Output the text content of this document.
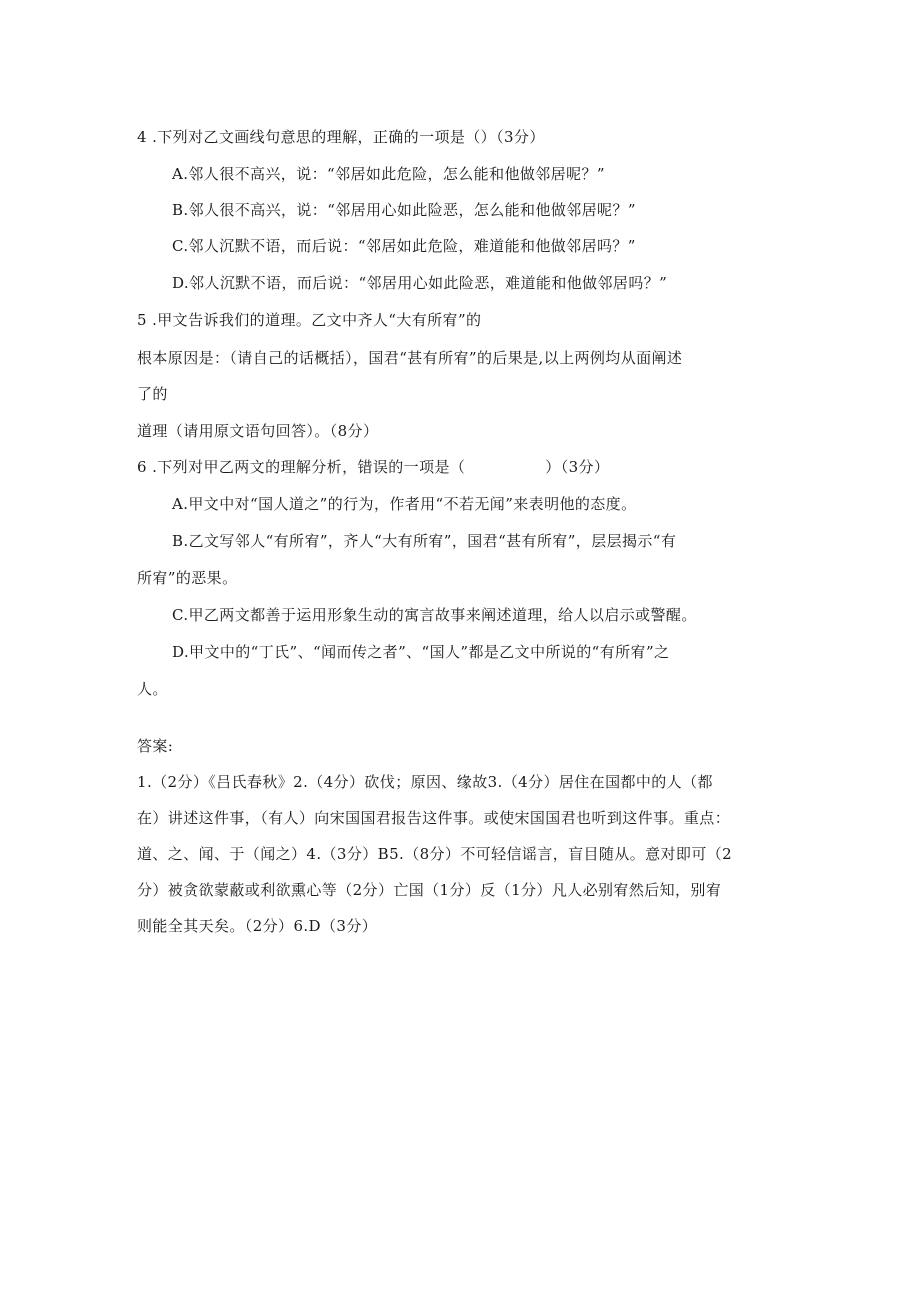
4 .下列对乙文画线句意思的理解，正确的一项是（）（3分）
A.邻人很不高兴，说：“邻居如此危险，怎么能和他做邻居呢？”
B.邻人很不高兴，说：“邻居用心如此险恶，怎么能和他做邻居呢？”
C.邻人沉默不语，而后说：“邻居如此危险，难道能和他做邻居吗？”
D.邻人沉默不语，而后说：“邻居用心如此险恶，难道能和他做邻居吗？”
5 .甲文告诉我们的道理。乙文中齐人“大有所宥”的
根本原因是：（请自己的话概括），国君“甚有所宥”的后果是,以上两例均从面阐述
了的
道理（请用原文语句回答）。（8分）
6 .下列对甲乙两文的理解分析，错误的一项是（	）（3分）
A.甲文中对“国人道之”的行为，作者用“不若无闻”来表明他的态度。
B.乙文写邻人“有所宥”，齐人“大有所宥”，国君“甚有所宥”，层层揭示“有
所宥”的恶果。
C.甲乙两文都善于运用形象生动的寓言故事来阐述道理，给人以启示或警醒。
D.甲文中的“丁氏”、“闻而传之者”、“国人”都是乙文中所说的“有所宥”之
人。
答案:
1.（2分）《吕氏春秋》2.（4分）砍伐；原因、缘故3.（4分）居住在国都中的人（都
在）讲述这件事，（有人）向宋国国君报告这件事。或使宋国国君也听到这件事。重点：
道、之、闻、于（闻之）4.（3分）B5.（8分）不可轻信谣言，盲目随从。意对即可（2
分）被贪欲蒙蔽或利欲熏心等（2分）亡国（1分）反（1分）凡人必别宥然后知，别宥
则能全其天矣。（2分）6.D（3分）
